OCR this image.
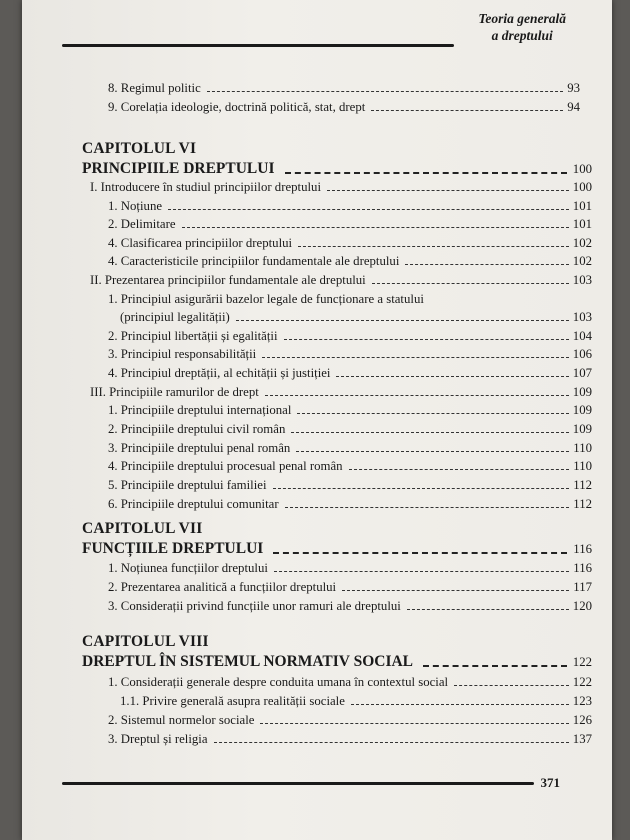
Teoria generală
a dreptului
8. Regimul politic	93
9. Corelația ideologie, doctrină politică, stat, drept	94
CAPITOLUL VI
PRINCIPIILE DREPTULUI	100
I. Introducere în studiul principiilor dreptului	100
1. Noțiune	101
2. Delimitare	101
4. Clasificarea principiilor dreptului	102
4. Caracteristicile principiilor fundamentale ale dreptului	102
II. Prezentarea principiilor fundamentale ale dreptului	103
1. Principiul asigurării bazelor legale de funcționare a statului
(principiul legalității)	103
2. Principiul libertății și egalității	104
3. Principiul responsabilității	106
4. Principiul dreptății, al echității și justiției	107
III. Principiile ramurilor de drept	109
1. Principiile dreptului internațional	109
2. Principiile dreptului civil român	109
3. Principiile dreptului penal român	110
4. Principiile dreptului procesual penal român	110
5. Principiile dreptului familiei	112
6. Principiile dreptului comunitar	112
CAPITOLUL VII
FUNCȚIILE DREPTULUI	116
1. Noțiunea funcțiilor dreptului	116
2. Prezentarea analitică a funcțiilor dreptului	117
3. Considerații privind funcțiile unor ramuri ale dreptului	120
CAPITOLUL VIII
DREPTUL ÎN SISTEMUL NORMATIV SOCIAL	122
1. Considerații generale despre conduita umana în contextul social	122
1.1. Privire generală asupra realității sociale	123
2. Sistemul normelor sociale	126
3. Dreptul și religia	137
371
